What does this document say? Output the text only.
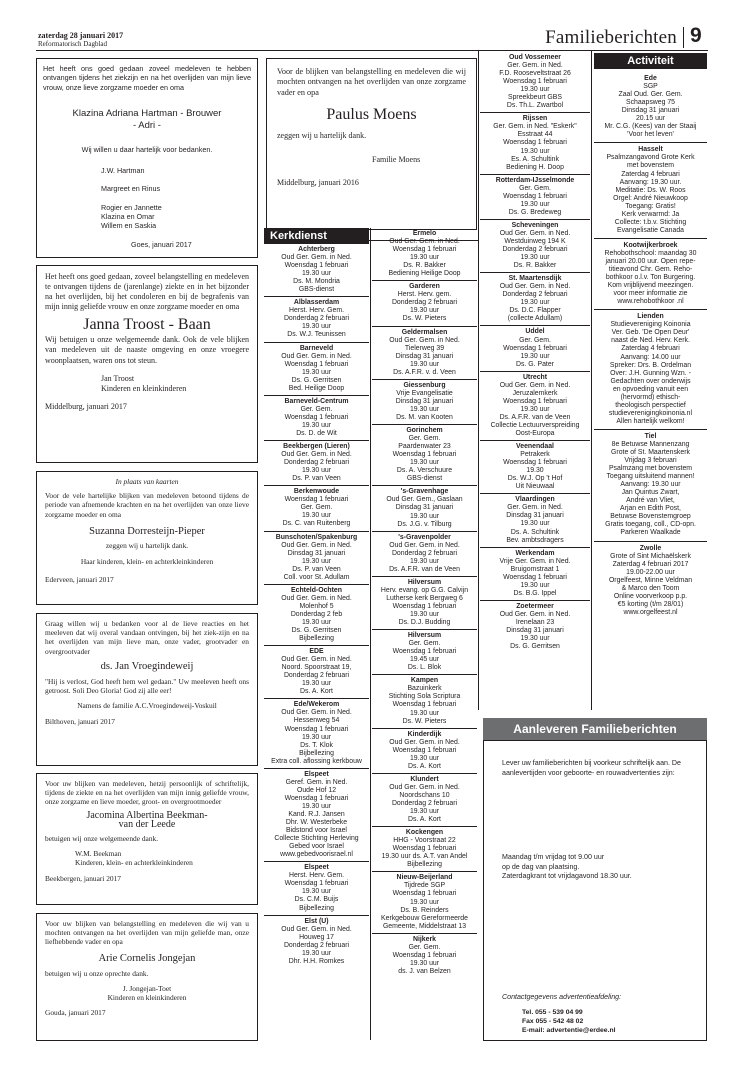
zaterdag 28 januari 2017
Reformatorisch Dagblad	Familieberichten 9
Het heeft ons goed gedaan zoveel medeleven te hebben ontvangen tijdens het ziekzijn en na het overlijden van mijn lieve vrouw, onze lieve zorgzame moeder en oma
Klazina Adriana Hartman - Brouwer
- Adri -
Wij willen u daar hartelijk voor bedanken.
J.W. Hartman

Margreet en Rinus

Rogier en Jannette
Klazina en Omar
Willem en Saskia
Goes, januari 2017
Voor de blijken van belangstelling en medeleven die wij mochten ontvangen na het overlijden van onze zorgzame vader en opa
Paulus Moens
zeggen wij u hartelijk dank.
Familie Moens
Middelburg, januari 2016
Het heeft ons goed gedaan, zoveel belangstelling en medeleven te ontvangen tijdens de (jarenlange) ziekte en in het bijzonder na het overlijden, bij het condoleren en bij de begrafenis van mijn innig geliefde vrouw en onze zorgzame moeder en oma
Janna Troost - Baan
Wij betuigen u onze welgemeende dank. Ook de vele blijken van medeleven uit de naaste omgeving en onze vroegere woonplaatsen, waren ons tot steun.
Jan Troost
Kinderen en kleinkinderen
Middelburg, januari 2017
In plaats van kaarten
Voor de vele hartelijke blijken van medeleven betoond tijdens de periode van afnemende krachten en na het overlijden van onze lieve zorgzame moeder en oma
Suzanna Dorresteijn-Pieper
zeggen wij u hartelijk dank.
Haar kinderen, klein- en achterkleinkinderen
Ederveen, januari 2017
Graag willen wij u bedanken voor al de lieve reacties en het meeleven dat wij overal vandaan ontvingen, bij het ziek-zijn en na het overlijden van mijn lieve man, onze vader, grootvader en overgrootvader
ds. Jan Vroegindeweij
"Hij is verlost, God heeft hem wel gedaan." Uw meeleven heeft ons getroost. Soli Deo Gloria! God zij alle eer!
Namens de familie A.C.Vroegindeweij-Voskuil
Bilthoven, januari 2017
Voor uw blijken van medeleven, hetzij persoonlijk of schriftelijk, tijdens de ziekte en na het overlijden van mijn innig geliefde vrouw, onze zorgzame en lieve moeder, groot- en overgrootmoeder
Jacomina Albertina Beekman-
van der Leede
betuigen wij onze welgemeende dank.
W.M. Beekman
Kinderen, klein- en achterkleinkinderen
Beekbergen, januari 2017
Voor uw blijken van belangstelling en medeleven die wij van u mochten ontvangen na het overlijden van mijn geliefde man, onze liefhebbende vader en opa
Arie Cornelis Jongejan
betuigen wij u onze oprechte dank.
J. Jongejan-Toet
Kinderen en kleinkinderen
Gouda, januari 2017
Kerkdienst
Achterberg
Oud Ger. Gem. in Ned.
Woensdag 1 februari
19.30 uur
Ds. M. Mondria
GBS-dienst
Alblasserdam
Herst. Herv. Gem.
Donderdag 2 februari
19.30 uur
Ds. W.J. Teunissen
Barneveld
Oud Ger. Gem. in Ned.
Woensdag 1 februari
19.30 uur
Ds. G. Gerritsen
Bed. Heilige Doop
Barneveld-Centrum
Ger. Gem.
Woensdag 1 februari
19.30 uur
Ds. D. de Wit
Beekbergen (Lieren)
Oud Ger. Gem. in Ned.
Donderdag 2 februari
19.30 uur
Ds. P. van Veen
Berkenwoude
Woensdag 1 februari
Ger. Gem.
19.30 uur
Ds. C. van Ruitenberg
Bunschoten/Spakenburg
Oud Ger. Gem. in Ned.
Dinsdag 31 januari
19.30 uur
Ds. P. van Veen
Coll. voor St. Adullam
Echteld-Ochten
Oud Ger. Gem. in Ned.
Molenhof 5
Donderdag 2 feb
19.30 uur
Ds. G. Gerritsen
Bijbellezing
EDE
Oud Ger. Gem. in Ned.
Noord. Spoorstraat 19,
Donderdag 2 februari
19.30 uur
Ds. A. Kort
Ede/Wekerom
Oud Ger. Gem. in Ned.
Hessenweg 54
Woensdag 1 februari
19.30 uur
Ds. T. Klok
Bijbellezing
Extra coll. aflossing kerkbouw
Elspeet
Geref. Gem. in Ned.
Oude Hof 12
Woensdag 1 februari
19.30 uur
Kand. R.J. Jansen
Dhr. W. Westerbeke
Bidstond voor Israel
Collecte Stichting Herleving
Gebed voor Israel
www.gebedvoorisrael.nl
Elspeet
Herst. Herv. Gem.
Woensdag 1 februari
19.30 uur
Ds. C.M. Buijs
Bijbellezing
Elst (U)
Oud Ger. Gem. in Ned.
Houweg 17
Donderdag 2 februari
19.30 uur
Dhr. H.H. Romkes
Ermelo
Oud Ger. Gem. in Ned.
Woensdag 1 februari
19.30 uur
Ds. R. Bakker
Bediening Heilige Doop
Garderen
Herst. Herv. gem.
Donderdag 2 februari
19.30 uur
Ds. W. Pieters
Geldermalsen
Oud Ger. Gem. in Ned.
Tielerweg 39
Dinsdag 31 januari
19.30 uur
Ds. A.F.R. v. d. Veen
Giessenburg
Vrije Evangelisatie
Dinsdag 31 januari
19.30 uur
Ds. M. van Kooten
Gorinchem
Ger. Gem.
Paardenwater 23
Woensdag 1 februari
19.30 uur
Ds. A. Verschuure
GBS-dienst
's-Gravenhage
Oud Ger. Gem., Gaslaan
Dinsdag 31 januari
19.30 uur
Ds. J.G. v. Tilburg
's-Gravenpolder
Oud Ger. Gem. in Ned.
Donderdag 2 februari
19.30 uur
Ds. A.F.R. van de Veen
Hilversum
Herv. evang. op G.G. Calvijn
Lutherse kerk Bergweg 6
Woensdag 1 februari
19.30 uur
Ds. D.J. Budding
Hilversum
Ger. Gem.
Woensdag 1 februari
19.45 uur
Ds. L. Blok
Kampen
Bazuinkerk
Stichting Sola Scriptura
Woensdag 1 februari
19.30 uur
Ds. W. Pieters
Kinderdijk
Oud Ger. Gem. in Ned.
Woensdag 1 februari
19.30 uur
Ds. A. Kort
Klundert
Oud Ger. Gem. in Ned.
Noordschans 10
Donderdag 2 februari
19.30 uur
Ds. A. Kort
Kockengen
HHG - Voorstraat 22
Woensdag 1 februari
19.30 uur ds. A.T. van Andel
Bijbellezing
Nieuw-Beijerland
Tijdrede SGP
Woensdag 1 februari
19.30 uur
Ds. B. Reinders
Kerkgebouw Gereformeerde
Gemeente, Middelstraat 13
Nijkerk
Ger. Gem.
Woensdag 1 februari
19.30 uur
ds. J. van Belzen
Oud Vossemeer
Ger. Gem. in Ned.
F.D. Rooseveltstraat 26
Woensdag 1 februari
19.30 uur
Spreekbeurt GBS
Ds. Th.L. Zwartbol
Rijssen
Ger. Gem. in Ned. "Eskerk"
Esstraat 44
Woensdag 1 februari
19.30 uur
Es. A. Schultink
Bediening H. Doop
Rotterdam-IJsselmonde
Ger. Gem.
Woensdag 1 februari
19.30 uur
Ds. G. Bredeweg
Scheveningen
Oud Ger. Gem. in Ned.
Westduinweg 194 K
Donderdag 2 februari
19.30 uur
Ds. R. Bakker
St. Maartensdijk
Oud Ger. Gem. in Ned.
Donderdag 2 februari
19.30 uur
Ds. D.C. Flapper
(collecte Adullam)
Uddel
Ger. Gem.
Woensdag 1 februari
19.30 uur
Ds. G. Pater
Utrecht
Oud Ger. Gem. in Ned.
Jeruzalemkerk
Woensdag 1 februari
19.30 uur
Ds. A.F.R. van de Veen
Collectie Lectuurverspreiding
Oost-Europa
Veenendaal
Petrakerk
Woensdag 1 februari
19.30
Ds. W.J. Op 't Hof
Uit Nieuwaal
Vlaardingen
Ger. Gem. in Ned.
Dinsdag 31 januari
19.30 uur
Ds. A. Schultink
Bev. ambtsdragers
Werkendam
Vrije Ger. Gem. in Ned.
Bruigomstraat 1
Woensdag 1 februari
19.30 uur
Ds. B.G. Ippel
Zoetermeer
Oud Ger. Gem. in Ned.
Irenelaan 23
Dinsdag 31 januari
19.30 uur
Ds. G. Gerritsen
Activiteit
Ede
SGP
Zaal Oud. Ger. Gem.
Schaapsweg 75
Dinsdag 31 januari
20.15 uur
Mr. C.G. (Kees) van der Staaij
'Voor het leven'
Hasselt
Psalmzangavond Grote Kerk
met bovenstem
Zaterdag 4 februari
Aanvang: 19.30 uur.
Meditatie: Ds. W. Roos
Orgel: André Nieuwkoop
Toegang: Gratis!
Kerk verwarmd: Ja
Collecte: t.b.v. Stichting
Evangelisatie Canada
Kootwijkerbroek
Rehobothschool: maandag 30
januari 20.00 uur. Open repe-
titieavond Chr. Gem. Reho-
bothkoor o.l.v. Ton Burgering.
Kom vrijblijvend meezingen.
voor meer informatie zie
www.rehobothkoor .nl
Lienden
Studievereniging Koinonia
Ver. Geb. 'De Open Deur'
naast de Ned. Herv. Kerk.
Zaterdag 4 februari
Aanvang: 14.00 uur
Spreker: Drs. B. Ordelman
Over: J.H. Gunning Wzn. -
Gedachten over onderwijs
en opvoeding vanuit een
(hervormd) ethisch-
theologisch perspectief
studieverenigingkoinonia.nl
Allen hartelijk welkom!
Tiel
8e Betuwse Mannenzang
Grote of St. Maartenskerk
Vrijdag 3 februari
Psalmzang met bovenstem
Toegang uitsluitend mannen!
Aanvang: 19.30 uur
Jan Quintus Zwart,
André van Vliet,
Arjan en Edith Post,
Betuwse Bovenstemgroep
Gratis toegang, coll., CD-opn.
Parkeren Waalkade
Zwolle
Grote of Sint Michaëlskerk
Zaterdag 4 februari 2017
19.00-22.00 uur
Orgelfeest, Minne Veldman
& Marco den Toom
Online voorverkoop p.p.
€5 korting (t/m 28/01)
www.orgelfeest.nl
Aanleveren Familieberichten
Lever uw familieberichten bij voorkeur schriftelijk aan. De aanlevertijden voor geboorte- en rouwadvertenties zijn:
Maandag t/m vrijdag tot 9.00 uur
op de dag van plaatsing.
Zaterdagkrant tot vrijdagavond 18.30 uur.
Contactgegevens advertentieafdeling:
Tel. 055 - 539 04 99
Fax 055 - 542 48 02
E-mail: advertentie@erdee.nl
